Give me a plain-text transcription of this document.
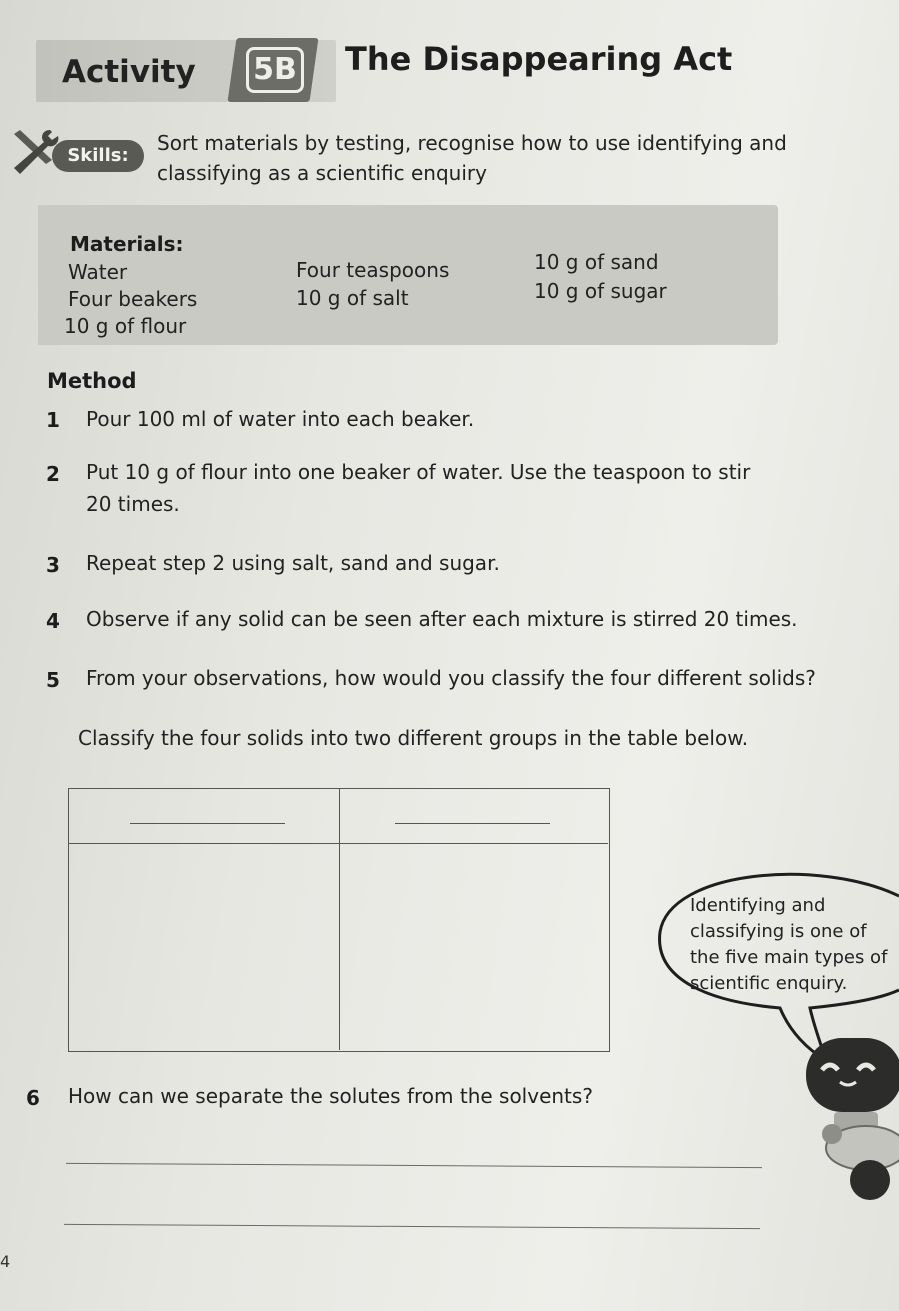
Activity 5B The Disappearing Act
Skills:
Sort materials by testing, recognise how to use identifying and
classifying as a scientific enquiry
Materials:
Water	Four teaspoons	10 g of sand
Four beakers	10 g of salt	10 g of sugar
10 g of flour
Method
1 Pour 100 ml of water into each beaker.
2 Put 10 g of flour into one beaker of water. Use the teaspoon to stir
20 times.
3 Repeat step 2 using salt, sand and sugar.
4 Observe if any solid can be seen after each mixture is stirred 20 times.
5 From your observations, how would you classify the four different solids?
Classify the four solids into two different groups in the table below.
Identifying and
classifying is one of
the five main types of
scientific enquiry.
6 How can we separate the solutes from the solvents?
4
